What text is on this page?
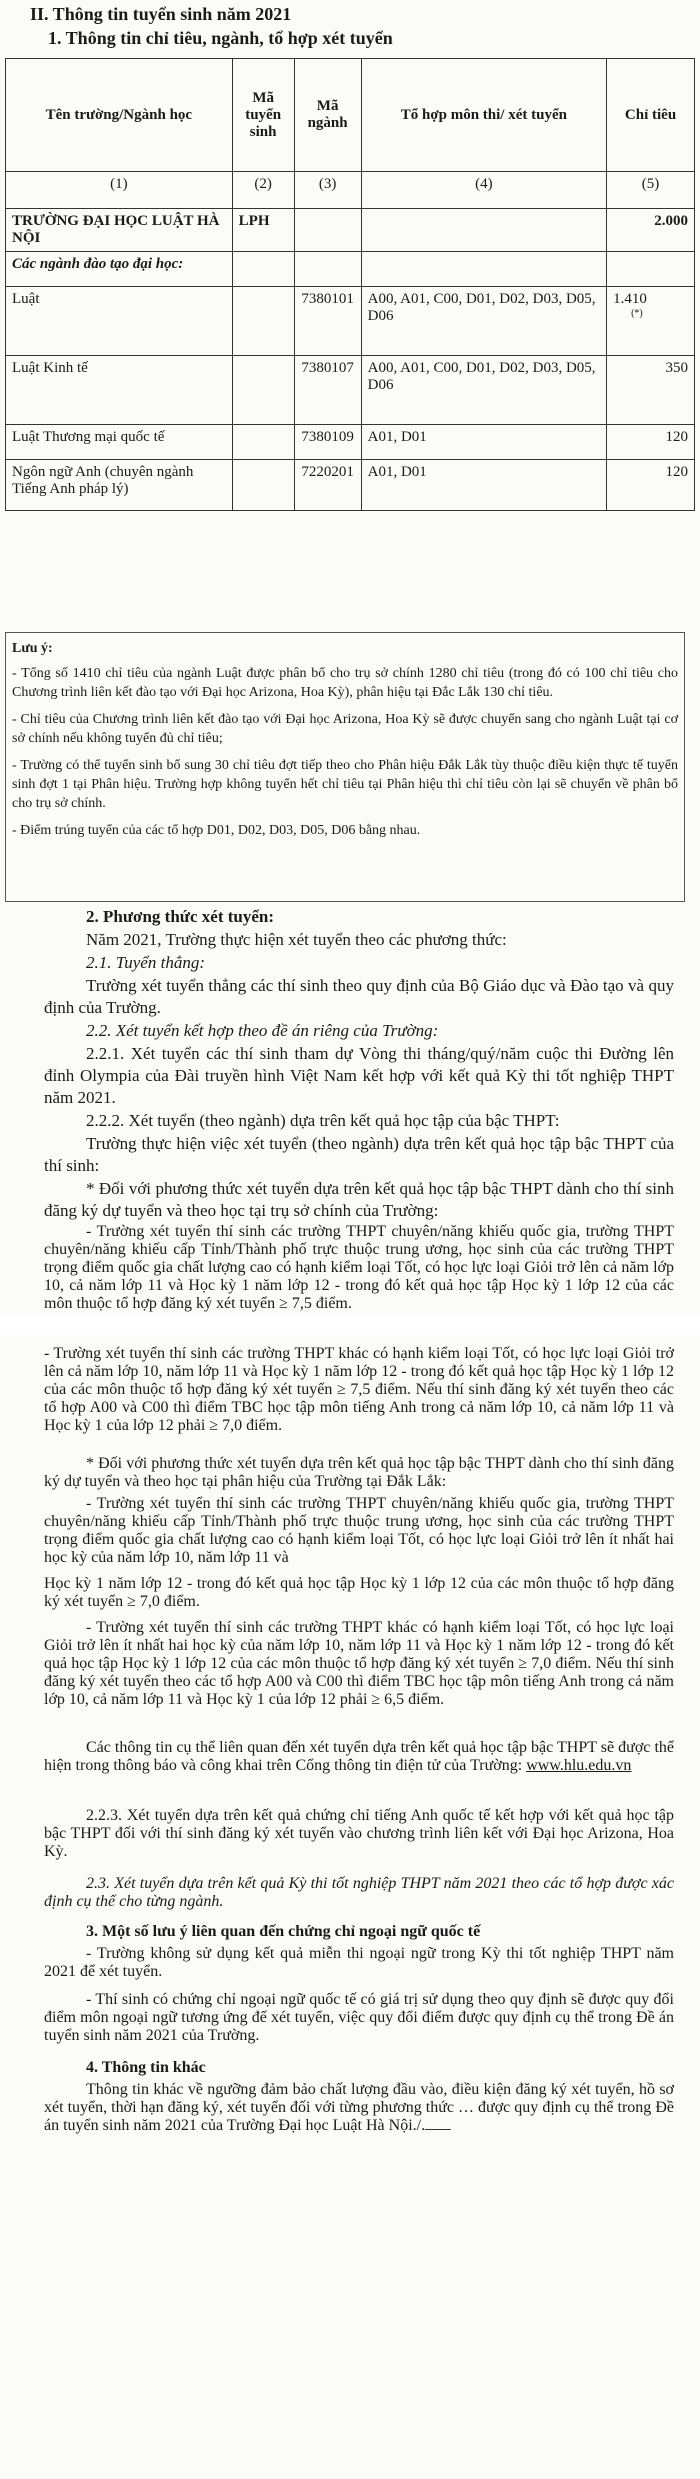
II. Thông tin tuyển sinh năm 2021
1. Thông tin chỉ tiêu, ngành, tổ hợp xét tuyển
Tên trường/Ngành học	Mã tuyển sinh	Mã ngành	Tổ hợp môn thi/ xét tuyển	Chỉ tiêu
(1)	(2)	(3)	(4)	(5)
TRƯỜNG ĐẠI HỌC LUẬT HÀ NỘI	LPH			2.000
Các ngành đào tạo đại học:				
Luật		7380101	A00, A01, C00, D01, D02, D03, D05, D06	1.410
(*)

Luật Kinh tế		7380107	A00, A01, C00, D01, D02, D03, D05, D06	350
Luật Thương mại quốc tế		7380109	A01, D01	120
Ngôn ngữ Anh (chuyên ngành Tiếng Anh pháp lý)		7220201	A01, D01	120

Lưu ý:

- Tổng số 1410 chỉ tiêu của ngành Luật được phân bổ cho trụ sở chính 1280 chỉ tiêu (trong đó có 100 chỉ tiêu cho Chương trình liên kết đào tạo với Đại học Arizona, Hoa Kỳ), phân hiệu tại Đắc Lắk 130 chỉ tiêu.

- Chỉ tiêu của Chương trình liên kết đào tạo với Đại học Arizona, Hoa Kỳ sẽ được chuyển sang cho ngành Luật tại cơ sở chính nếu không tuyển đủ chỉ tiêu;

- Trường có thể tuyển sinh bổ sung 30 chỉ tiêu đợt tiếp theo cho Phân hiệu Đắk Lắk tùy thuộc điều kiện thực tế tuyển sinh đợt 1 tại Phân hiệu. Trường hợp không tuyển hết chỉ tiêu tại Phân hiệu thì chỉ tiêu còn lại sẽ chuyển về phân bổ cho trụ sở chính.

- Điểm trúng tuyển của các tổ hợp D01, D02, D03, D05, D06 bằng nhau.

2. Phương thức xét tuyển:
Năm 2021, Trường thực hiện xét tuyển theo các phương thức:
2.1. Tuyển thẳng:
Trường xét tuyển thẳng các thí sinh theo quy định của Bộ Giáo dục và Đào tạo và quy định của Trường.
2.2. Xét tuyển kết hợp theo đề án riêng của Trường:
2.2.1. Xét tuyển các thí sinh tham dự Vòng thi tháng/quý/năm cuộc thi Đường lên đỉnh Olympia của Đài truyền hình Việt Nam kết hợp với kết quả Kỳ thi tốt nghiệp THPT năm 2021.
2.2.2. Xét tuyển (theo ngành) dựa trên kết quả học tập của bậc THPT:
Trường thực hiện việc xét tuyển (theo ngành) dựa trên kết quả học tập bậc THPT của thí sinh:
* Đối với phương thức xét tuyển dựa trên kết quả học tập bậc THPT dành cho thí sinh đăng ký dự tuyển và theo học tại trụ sở chính của Trường:
- Trường xét tuyển thí sinh các trường THPT chuyên/năng khiếu quốc gia, trường THPT chuyên/năng khiếu cấp Tỉnh/Thành phố trực thuộc trung ương, học sinh của các trường THPT trọng điểm quốc gia chất lượng cao có hạnh kiểm loại Tốt, có học lực loại Giỏi trở lên cả năm lớp 10, cả năm lớp 11 và Học kỳ 1 năm lớp 12 - trong đó kết quả học tập Học kỳ 1 lớp 12 của các môn thuộc tổ hợp đăng ký xét tuyển ≥ 7,5 điểm.
- Trường xét tuyển thí sinh các trường THPT khác có hạnh kiểm loại Tốt, có học lực loại Giỏi trở lên cả năm lớp 10, năm lớp 11 và Học kỳ 1 năm lớp 12 - trong đó kết quả học tập Học kỳ 1 lớp 12 của các môn thuộc tổ hợp đăng ký xét tuyển ≥ 7,5 điểm. Nếu thí sinh đăng ký xét tuyển theo các tổ hợp A00 và C00 thì điểm TBC học tập môn tiếng Anh trong cả năm lớp 10, cả năm lớp 11 và Học kỳ 1 của lớp 12 phải ≥ 7,0 điểm.
* Đối với phương thức xét tuyển dựa trên kết quả học tập bậc THPT dành cho thí sinh đăng ký dự tuyển và theo học tại phân hiệu của Trường tại Đắk Lắk:
- Trường xét tuyển thí sinh các trường THPT chuyên/năng khiếu quốc gia, trường THPT chuyên/năng khiếu cấp Tỉnh/Thành phố trực thuộc trung ương, học sinh của các trường THPT trọng điểm quốc gia chất lượng cao có hạnh kiểm loại Tốt, có học lực loại Giỏi trở lên ít nhất hai học kỳ của năm lớp 10, năm lớp 11 và
Học kỳ 1 năm lớp 12 - trong đó kết quả học tập Học kỳ 1 lớp 12 của các môn thuộc tổ hợp đăng ký xét tuyển ≥ 7,0 điểm.
- Trường xét tuyển thí sinh các trường THPT khác có hạnh kiểm loại Tốt, có học lực loại Giỏi trở lên ít nhất hai học kỳ của năm lớp 10, năm lớp 11 và Học kỳ 1 năm lớp 12 - trong đó kết quả học tập Học kỳ 1 lớp 12 của các môn thuộc tổ hợp đăng ký xét tuyển ≥ 7,0 điểm. Nếu thí sinh đăng ký xét tuyển theo các tổ hợp A00 và C00 thì điểm TBC học tập môn tiếng Anh trong cả năm lớp 10, cả năm lớp 11 và Học kỳ 1 của lớp 12 phải ≥ 6,5 điểm.
Các thông tin cụ thể liên quan đến xét tuyển dựa trên kết quả học tập bậc THPT sẽ được thể hiện trong thông báo và công khai trên Cổng thông tin điện tử của Trường: www.hlu.edu.vn
2.2.3. Xét tuyển dựa trên kết quả chứng chỉ tiếng Anh quốc tế kết hợp với kết quả học tập bậc THPT đối với thí sinh đăng ký xét tuyển vào chương trình liên kết với Đại học Arizona, Hoa Kỳ.
2.3. Xét tuyển dựa trên kết quả Kỳ thi tốt nghiệp THPT năm 2021 theo các tổ hợp được xác định cụ thể cho từng ngành.
3. Một số lưu ý liên quan đến chứng chỉ ngoại ngữ quốc tế
- Trường không sử dụng kết quả miễn thi ngoại ngữ trong Kỳ thi tốt nghiệp THPT năm 2021 để xét tuyển.
- Thí sinh có chứng chỉ ngoại ngữ quốc tế có giá trị sử dụng theo quy định sẽ được quy đổi điểm môn ngoại ngữ tương ứng để xét tuyển, việc quy đổi điểm được quy định cụ thể trong Đề án tuyển sinh năm 2021 của Trường.
4. Thông tin khác
Thông tin khác về ngưỡng đảm bảo chất lượng đầu vào, điều kiện đăng ký xét tuyển, hồ sơ xét tuyển, thời hạn đăng ký, xét tuyển đối với từng phương thức … được quy định cụ thể trong Đề án tuyển sinh năm 2021 của Trường Đại học Luật Hà Nội./.
